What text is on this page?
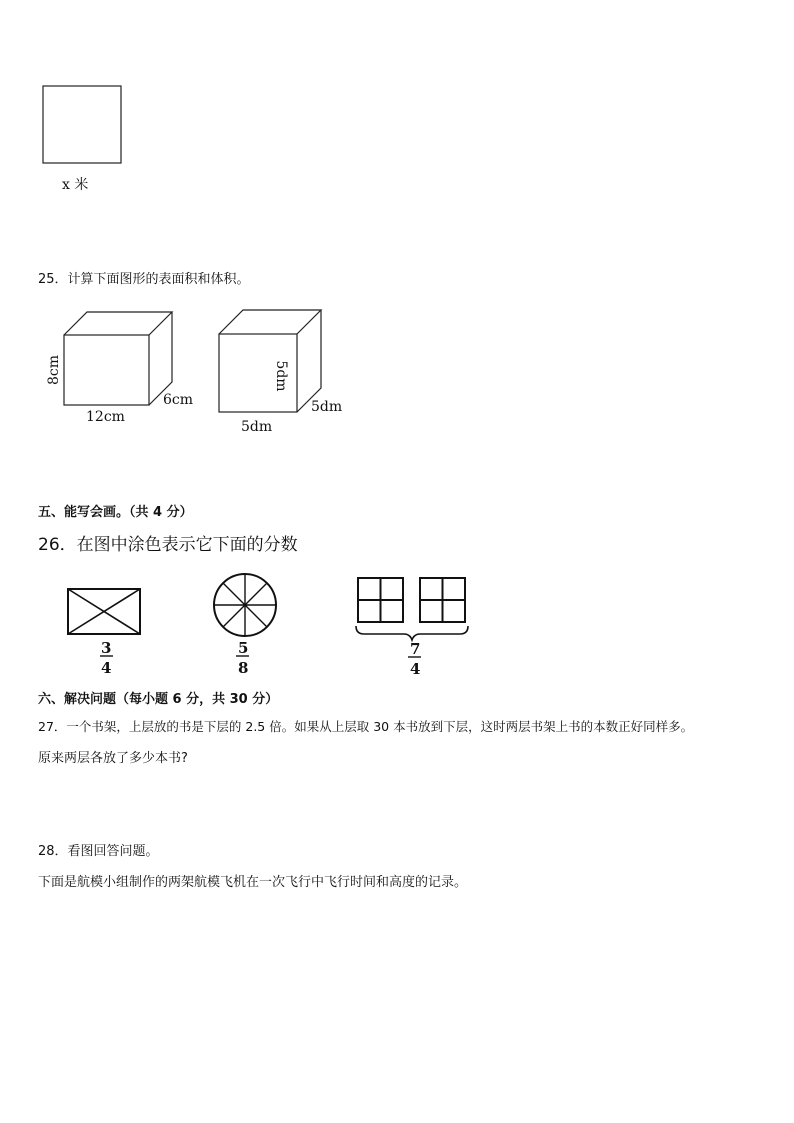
x 米
25．计算下面图形的表面积和体积。
8cm
12cm
6cm
5dm
5dm
5dm
五、能写会画。（共 4 分）
26．在图中涂色表示它下面的分数
3
4
5
8
7
4
六、解决问题（每小题 6 分，共 30 分）
27．一个书架，上层放的书是下层的 2.5 倍。如果从上层取 30 本书放到下层，这时两层书架上书的本数正好同样多。
原来两层各放了多少本书?
28．看图回答问题。
下面是航模小组制作的两架航模飞机在一次飞行中飞行时间和高度的记录。
